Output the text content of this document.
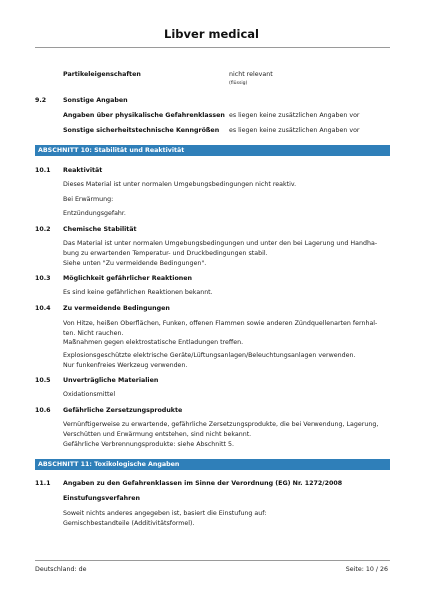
Libver medical
Partikeleigenschaften	nicht relevant
(flüssig)
9.2	Sonstige Angaben
Angaben über physikalische Gefahrenklassen es liegen keine zusätzlichen Angaben vor
Sonstige sicherheitstechnische Kenngrößen es liegen keine zusätzlichen Angaben vor
ABSCHNITT 10: Stabilität und Reaktivität
10.1 Reaktivität
Dieses Material ist unter normalen Umgebungsbedingungen nicht reaktiv.
Bei Erwärmung:
Entzündungsgefahr.
10.2 Chemische Stabilität
Das Material ist unter normalen Umgebungsbedingungen und unter den bei Lagerung und Handha-
bung zu erwartenden Temperatur- und Druckbedingungen stabil.
Siehe unten "Zu vermeidende Bedingungen".
10.3 Möglichkeit gefährlicher Reaktionen
Es sind keine gefährlichen Reaktionen bekannt.
10.4 Zu vermeidende Bedingungen
Von Hitze, heißen Oberflächen, Funken, offenen Flammen sowie anderen Zündquellenarten fernhal-
ten. Nicht rauchen.
Maßnahmen gegen elektrostatische Entladungen treffen.
Explosionsgeschützte elektrische Geräte/Lüftungsanlagen/Beleuchtungsanlagen verwenden.
Nur funkenfreies Werkzeug verwenden.
10.5 Unverträgliche Materialien
Oxidationsmittel
10.6 Gefährliche Zersetzungsprodukte
Vernünftigerweise zu erwartende, gefährliche Zersetzungsprodukte, die bei Verwendung, Lagerung,
Verschütten und Erwärmung entstehen, sind nicht bekannt.
Gefährliche Verbrennungsprodukte: siehe Abschnitt 5.
ABSCHNITT 11: Toxikologische Angaben
11.1 Angaben zu den Gefahrenklassen im Sinne der Verordnung (EG) Nr. 1272/2008
Einstufungsverfahren
Soweit nichts anderes angegeben ist, basiert die Einstufung auf:
Gemischbestandteile (Additivitätsformel).
Deutschland: de	Seite: 10 / 26
